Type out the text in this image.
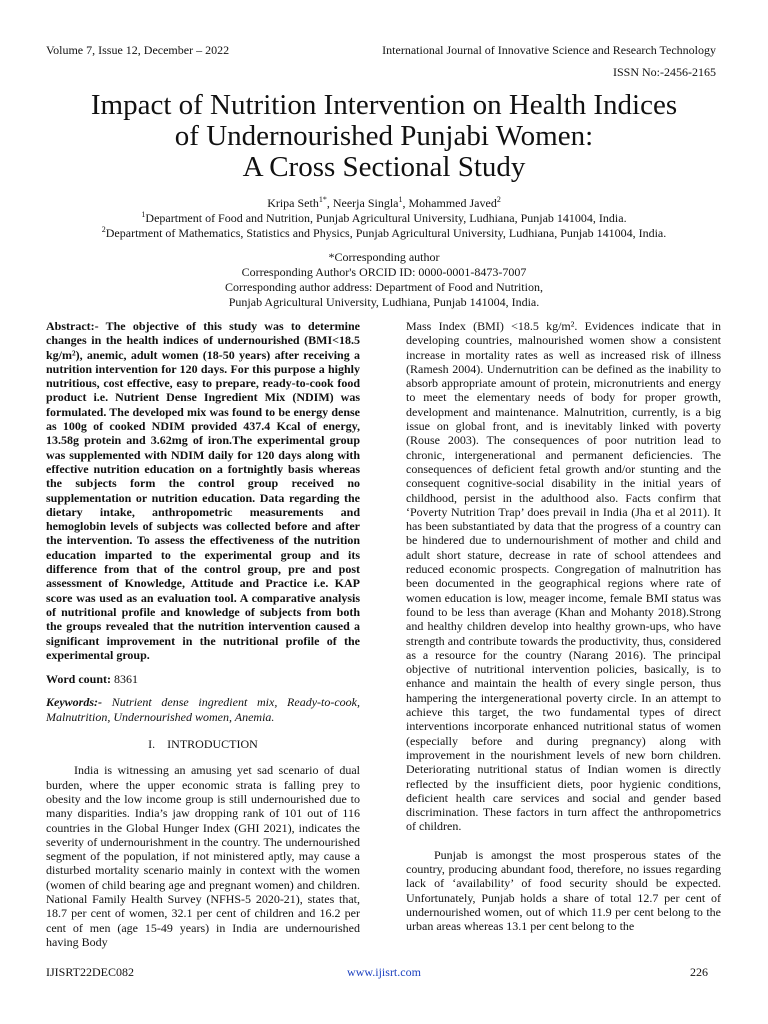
Volume 7, Issue 12, December – 2022	International Journal of Innovative Science and Research Technology
ISSN No:-2456-2165
Impact of Nutrition Intervention on Health Indices
of Undernourished Punjabi Women:
A Cross Sectional Study
Kripa Seth$^{1*}$, Neerja Singla$^1$, Mohammed Javed$^2$
$^1$Department of Food and Nutrition, Punjab Agricultural University, Ludhiana, Punjab 141004, India.
$^2$Department of Mathematics, Statistics and Physics, Punjab Agricultural University, Ludhiana, Punjab 141004, India.
*Corresponding author
Corresponding Author's ORCID ID: 0000-0001-8473-7007
Corresponding author address: Department of Food and Nutrition,
Punjab Agricultural University, Ludhiana, Punjab 141004, India.

Abstract:- The objective of this study was to determine changes in the health indices of undernourished (BMI<18.5 kg/m²), anemic, adult women (18-50 years) after receiving a nutrition intervention for 120 days. For this purpose a highly nutritious, cost effective, easy to prepare, ready-to-cook food product i.e. Nutrient Dense Ingredient Mix (NDIM) was formulated. The developed mix was found to be energy dense as 100g of cooked NDIM provided 437.4 Kcal of energy, 13.58g protein and 3.62mg of iron.The experimental group was supplemented with NDIM daily for 120 days along with effective nutrition education on a fortnightly basis whereas the subjects form the control group received no supplementation or nutrition education. Data regarding the dietary intake, anthropometric measurements and hemoglobin levels of subjects was collected before and after the intervention. To assess the effectiveness of the nutrition education imparted to the experimental group and its difference from that of the control group, pre and post assessment of Knowledge, Attitude and Practice i.e. KAP score was used as an evaluation tool. A comparative analysis of nutritional profile and knowledge of subjects from both the groups revealed that the nutrition intervention caused a significant improvement in the nutritional profile of the experimental group.

Word count: 8361

Keywords:- Nutrient dense ingredient mix, Ready-to-cook, Malnutrition, Undernourished women, Anemia.

I. INTRODUCTION

India is witnessing an amusing yet sad scenario of dual burden, where the upper economic strata is falling prey to obesity and the low income group is still undernourished due to many disparities. India’s jaw dropping rank of 101 out of 116 countries in the Global Hunger Index (GHI 2021), indicates the severity of undernourishment in the country. The undernourished segment of the population, if not ministered aptly, may cause a disturbed mortality scenario mainly in context with the women (women of child bearing age and pregnant women) and children. National Family Health Survey (NFHS-5 2020-21), states that, 18.7 per cent of women, 32.1 per cent of children and 16.2 per cent of men (age 15-49 years) in India are undernourished having Body

Mass Index (BMI) <18.5 kg/m². Evidences indicate that in developing countries, malnourished women show a consistent increase in mortality rates as well as increased risk of illness (Ramesh 2004). Undernutrition can be defined as the inability to absorb appropriate amount of protein, micronutrients and energy to meet the elementary needs of body for proper growth, development and maintenance. Malnutrition, currently, is a big issue on global front, and is inevitably linked with poverty (Rouse 2003). The consequences of poor nutrition lead to chronic, intergenerational and permanent deficiencies. The consequences of deficient fetal growth and/or stunting and the consequent cognitive-social disability in the initial years of childhood, persist in the adulthood also. Facts confirm that ‘Poverty Nutrition Trap’ does prevail in India (Jha et al 2011). It has been substantiated by data that the progress of a country can be hindered due to undernourishment of mother and child and adult short stature, decrease in rate of school attendees and reduced economic prospects. Congregation of malnutrition has been documented in the geographical regions where rate of women education is low, meager income, female BMI status was found to be less than average (Khan and Mohanty 2018).Strong and healthy children develop into healthy grown-ups, who have strength and contribute towards the productivity, thus, considered as a resource for the country (Narang 2016). The principal objective of nutritional intervention policies, basically, is to enhance and maintain the health of every single person, thus hampering the intergenerational poverty circle. In an attempt to achieve this target, the two fundamental types of direct interventions incorporate enhanced nutritional status of women (especially before and during pregnancy) along with improvement in the nourishment levels of new born children. Deteriorating nutritional status of Indian women is directly reflected by the insufficient diets, poor hygienic conditions, deficient health care services and social and gender based discrimination. These factors in turn affect the anthropometrics of children.

Punjab is amongst the most prosperous states of the country, producing abundant food, therefore, no issues regarding lack of ‘availability’ of food security should be expected. Unfortunately, Punjab holds a share of total 12.7 per cent of undernourished women, out of which 11.9 per cent belong to the urban areas whereas 13.1 per cent belong to the

IJISRT22DEC082	www.ijisrt.com	226
